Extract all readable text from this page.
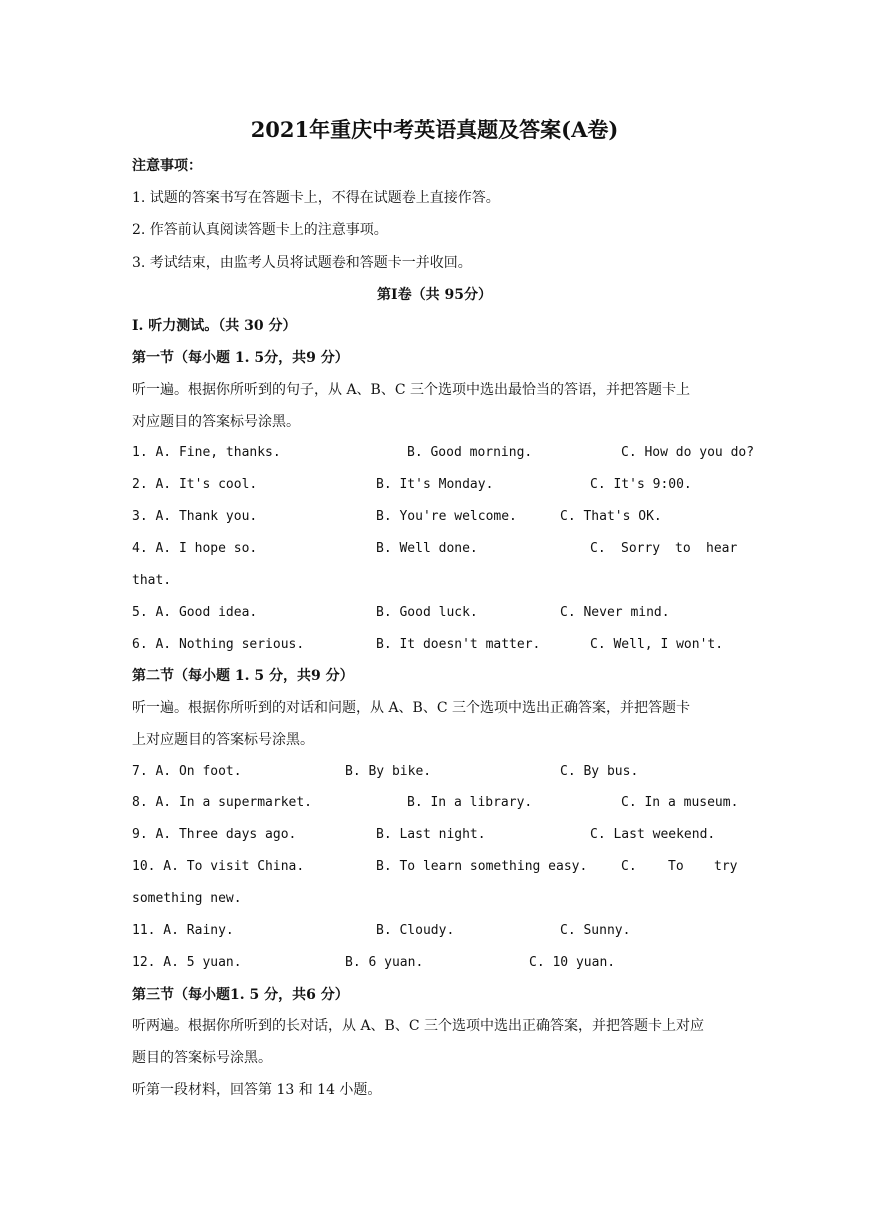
2021年重庆中考英语真题及答案(A卷)
注意事项：
1. 试题的答案书写在答题卡上，不得在试题卷上直接作答。
2. 作答前认真阅读答题卡上的注意事项。
3. 考试结束，由监考人员将试题卷和答题卡一并收回。
第Ⅰ卷（共 95分）
I. 听力测试。（共 30 分）
第一节（每小题 1. 5分，共9 分）
听一遍。根据你所听到的句子，从 A、B、C 三个选项中选出最恰当的答语，并把答题卡上
对应题目的答案标号涂黑。
1. A. Fine, thanks.	B. Good morning.	C. How do you do?
2. A. It's cool.	B. It's Monday.	C. It's 9:00.
3. A. Thank you.	B. You're welcome.	C. That's OK.
4. A. I hope so.	B. Well done.	C. Sorry to hear
that.
5. A. Good idea.	B. Good luck.	C. Never mind.
6. A. Nothing serious.	B. It doesn't matter.	C. Well, I won't.
第二节（每小题 1. 5 分，共9 分）
听一遍。根据你所听到的对话和问题，从 A、B、C 三个选项中选出正确答案，并把答题卡
上对应题目的答案标号涂黑。
7. A. On foot.	B. By bike.	C. By bus.
8. A. In a supermarket.	B. In a library.	C. In a museum.
9. A. Three days ago.	B. Last night.	C. Last weekend.
10. A. To visit China.	B. To learn something easy.	C. To try
something new.
11. A. Rainy.	B. Cloudy.	C. Sunny.
12. A. 5 yuan.	B. 6 yuan.	C. 10 yuan.
第三节（每小题1. 5 分，共6 分）
听两遍。根据你所听到的长对话，从 A、B、C 三个选项中选出正确答案，并把答题卡上对应
题目的答案标号涂黑。
听第一段材料，回答第 13 和 14 小题。
